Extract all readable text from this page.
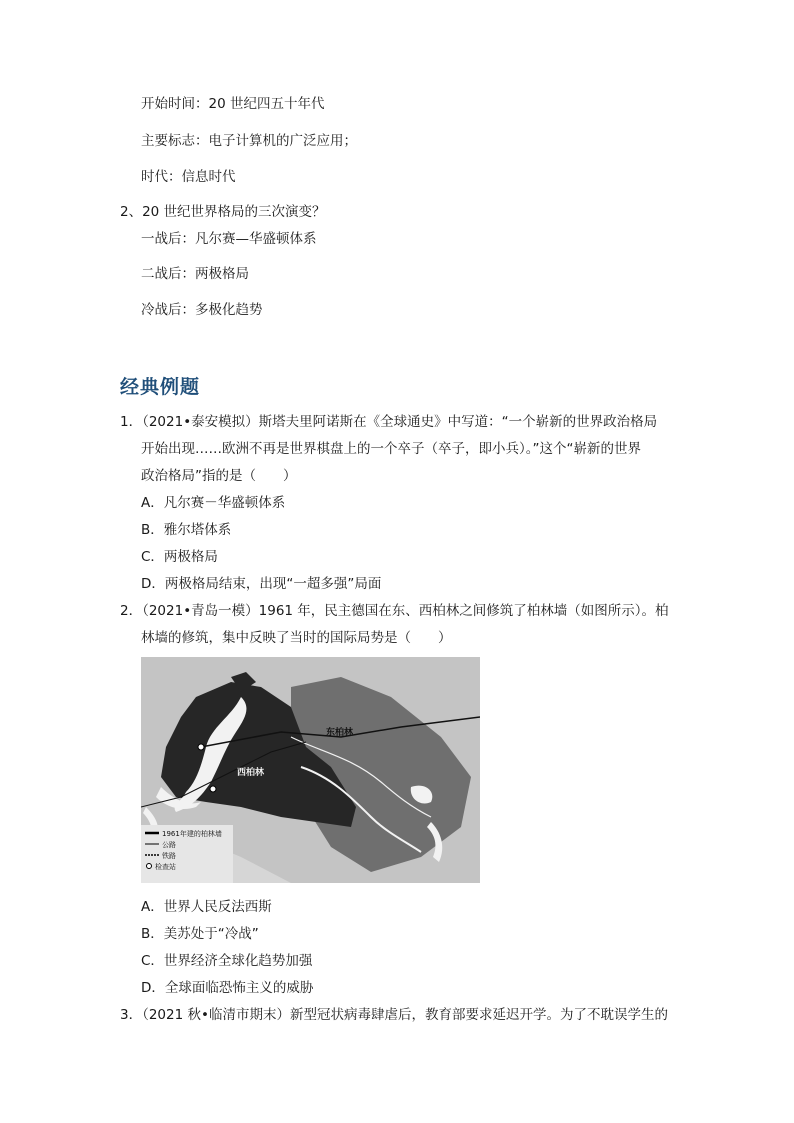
开始时间：20 世纪四五十年代
主要标志：电子计算机的广泛应用；
时代：信息时代
2、20 世纪世界格局的三次演变？
一战后：凡尔赛—华盛顿体系
二战后：两极格局
冷战后：多极化趋势
经典例题
1．（2021•泰安模拟）斯塔夫里阿诺斯在《全球通史》中写道：“一个崭新的世界政治格局
开始出现……欧洲不再是世界棋盘上的一个卒子（卒子，即小兵）。”这个“崭新的世界
政治格局”指的是（　　）
A．凡尔赛－华盛顿体系
B．雅尔塔体系
C．两极格局
D．两极格局结束，出现“一超多强”局面
2．（2021•青岛一模）1961 年，民主德国在东、西柏林之间修筑了柏林墙（如图所示）。柏
林墙的修筑，集中反映了当时的国际局势是（　　）
东柏林
西柏林
1961年建的柏林墙
公路
铁路
检查站
A．世界人民反法西斯
B．美苏处于“冷战”
C．世界经济全球化趋势加强
D．全球面临恐怖主义的威胁
3．（2021 秋•临清市期末）新型冠状病毒肆虐后，教育部要求延迟开学。为了不耽误学生的
